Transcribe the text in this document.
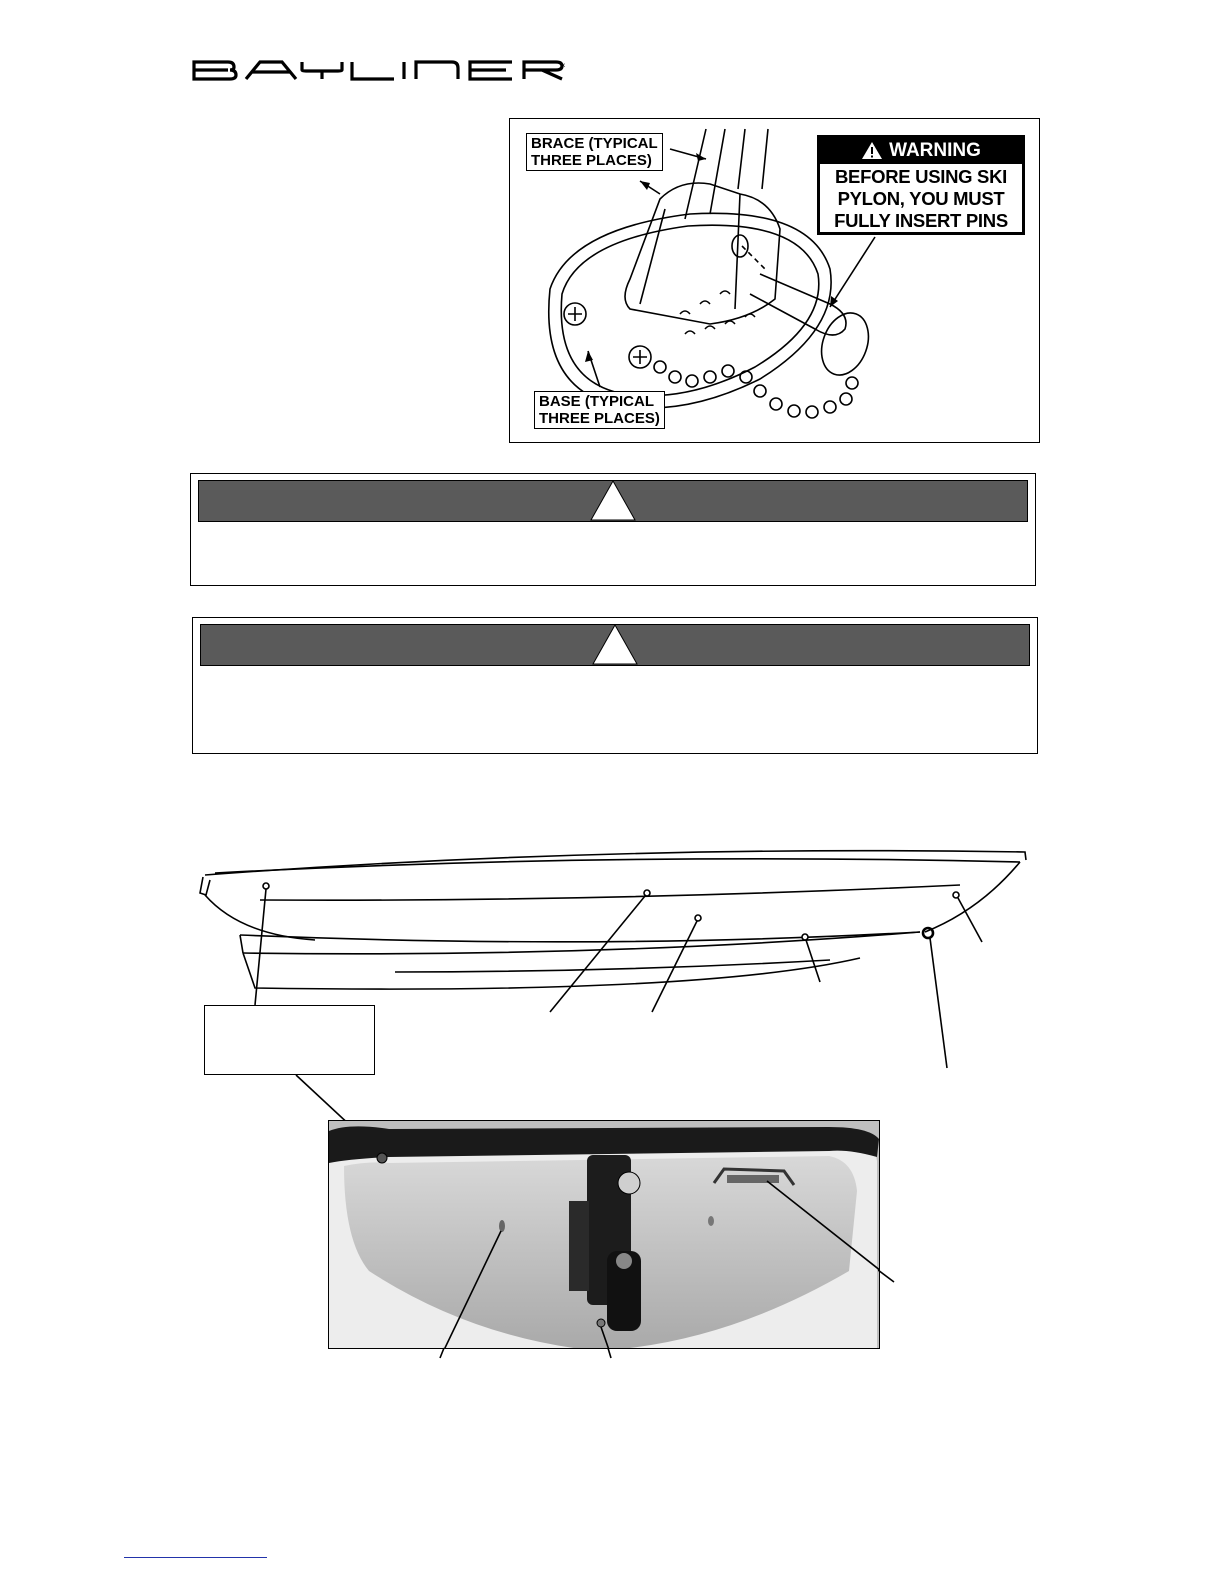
x
BAYLINER
BRACE (TYPICAL
THREE PLACES)
BASE (TYPICAL
THREE PLACES)
WARNING
BEFORE USING SKI
PYLON, YOU MUST
FULLY INSERT PINS
